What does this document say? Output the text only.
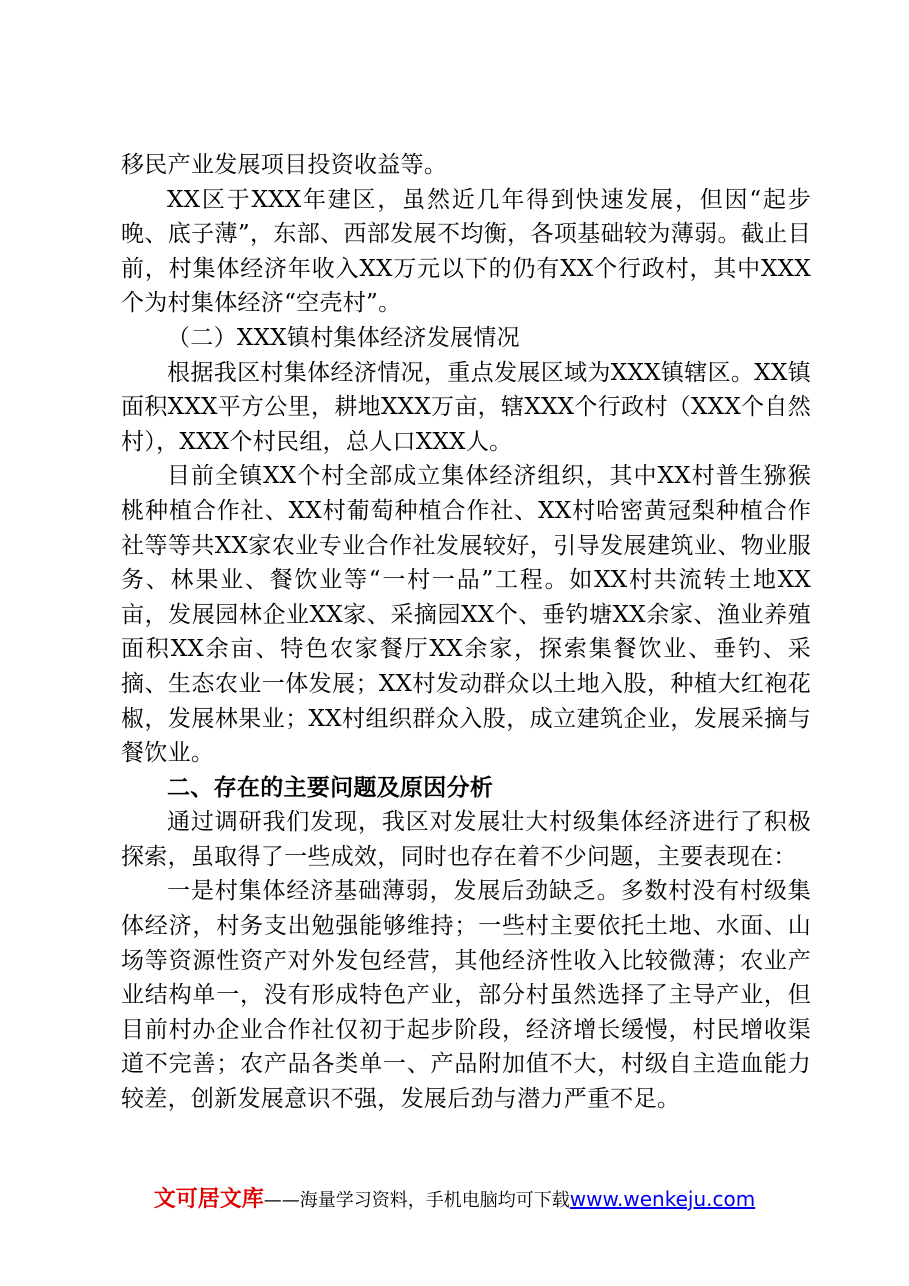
移民产业发展项目投资收益等。

XX区于XXX年建区，虽然近几年得到快速发展，但因“起步晚、底子薄”，东部、西部发展不均衡，各项基础较为薄弱。截止目前，村集体经济年收入XX万元以下的仍有XX个行政村，其中XXX个为村集体经济“空壳村”。

（二）XXX镇村集体经济发展情况

根据我区村集体经济情况，重点发展区域为XXX镇辖区。XX镇面积XXX平方公里，耕地XXX万亩，辖XXX个行政村（XXX个自然村），XXX个村民组，总人口XXX人。

目前全镇XX个村全部成立集体经济组织，其中XX村普生猕猴桃种植合作社、XX村葡萄种植合作社、XX村哈密黄冠梨种植合作社等等共XX家农业专业合作社发展较好，引导发展建筑业、物业服务、林果业、餐饮业等“一村一品”工程。如XX村共流转土地XX亩，发展园林企业XX家、采摘园XX个、垂钓塘XX余家、渔业养殖面积XX余亩、特色农家餐厅XX余家，探索集餐饮业、垂钓、采摘、生态农业一体发展；XX村发动群众以土地入股，种植大红袍花椒，发展林果业；XX村组织群众入股，成立建筑企业，发展采摘与餐饮业。

二、存在的主要问题及原因分析

通过调研我们发现，我区对发展壮大村级集体经济进行了积极探索，虽取得了一些成效，同时也存在着不少问题，主要表现在：

一是村集体经济基础薄弱，发展后劲缺乏。多数村没有村级集体经济，村务支出勉强能够维持；一些村主要依托土地、水面、山场等资源性资产对外发包经营，其他经济性收入比较微薄；农业产业结构单一，没有形成特色产业，部分村虽然选择了主导产业，但目前村办企业合作社仅初于起步阶段，经济增长缓慢，村民增收渠道不完善；农产品各类单一、产品附加值不大，村级自主造血能力较差，创新发展意识不强，发展后劲与潜力严重不足。

文可居文库——海量学习资料，手机电脑均可下载www.wenkeju.com
